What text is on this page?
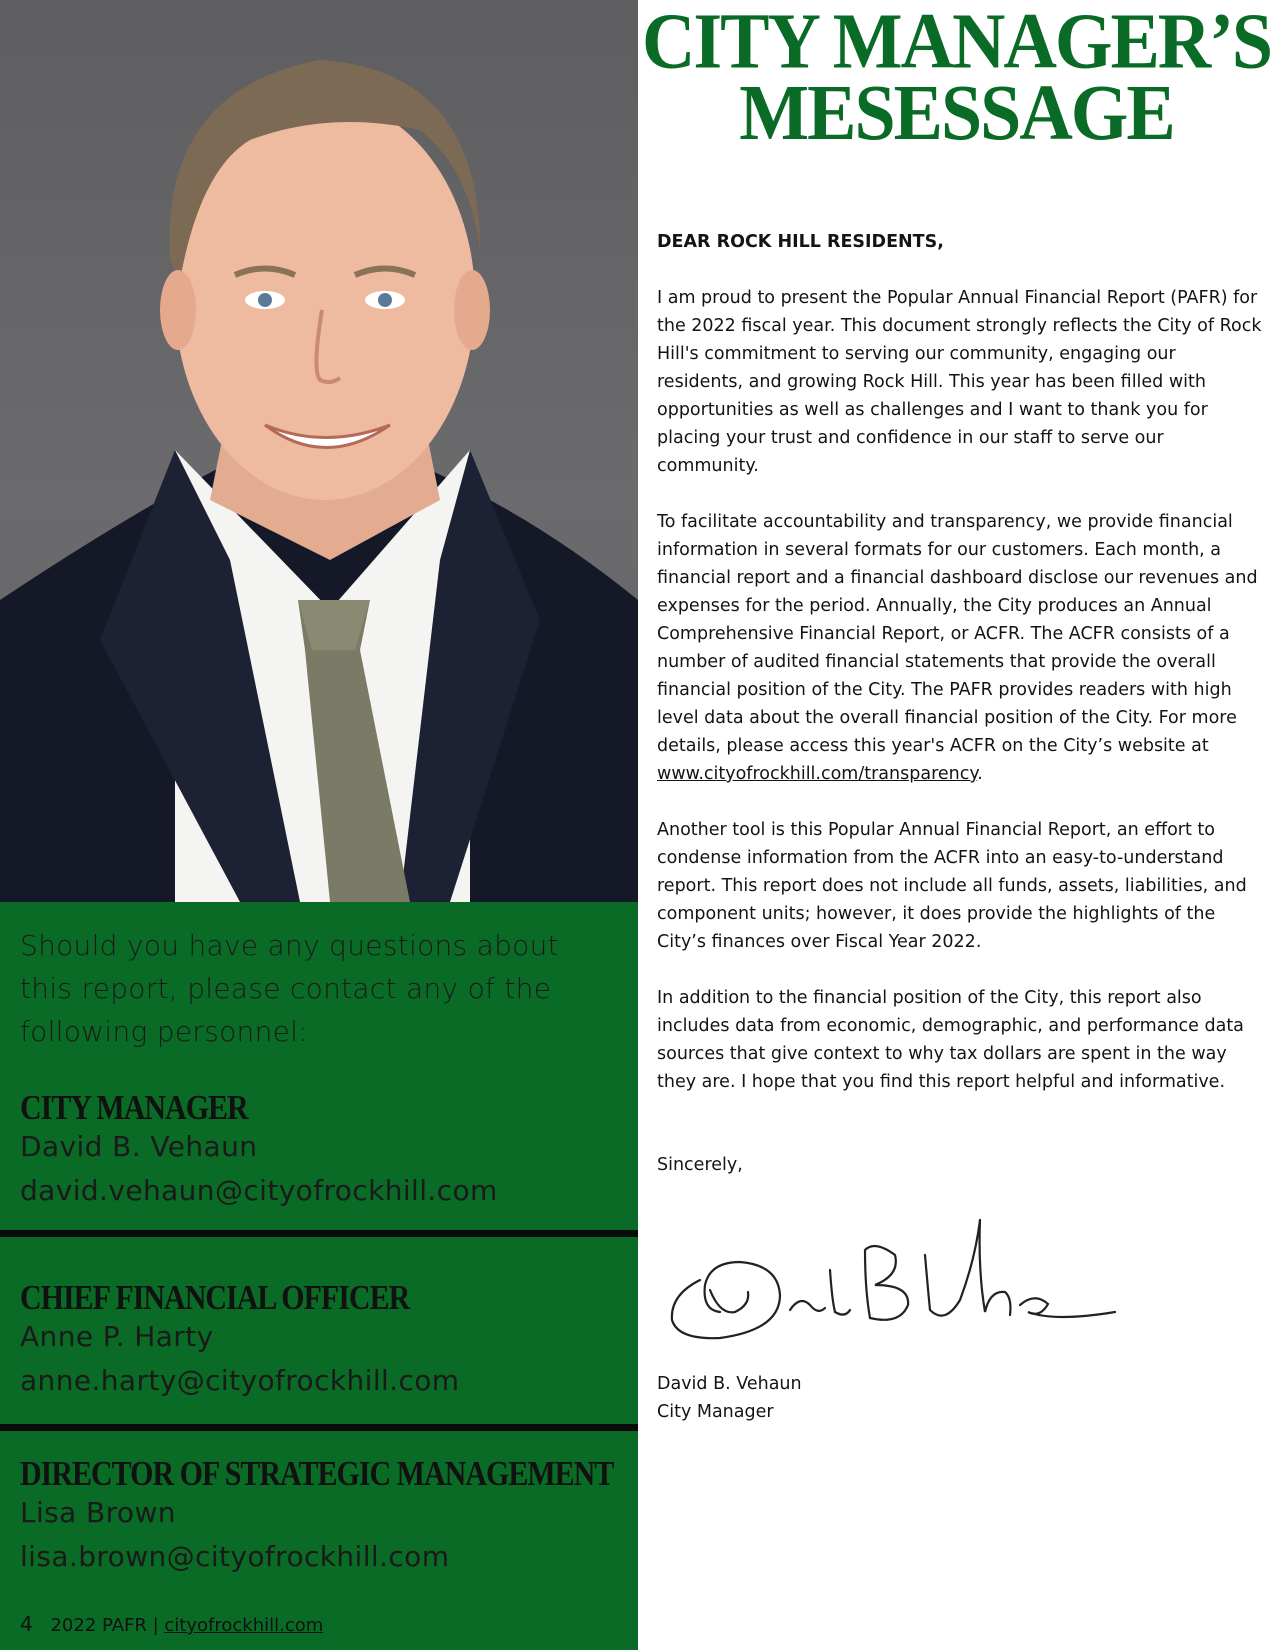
Should you have any questions about this report, please contact any of the following personnel:

CITY MANAGER

David B. Vehaun

david.vehaun@cityofrockhill.com

CHIEF FINANCIAL OFFICER

Anne P. Harty

anne.harty@cityofrockhill.com

DIRECTOR OF STRATEGIC MANAGEMENT

Lisa Brown

lisa.brown@cityofrockhill.com

4 2022 PAFR | cityofrockhill.com
CITY MANAGER’S
MESESSAGE

DEAR ROCK HILL RESIDENTS,

I am proud to present the Popular Annual Financial Report (PAFR) for the 2022 fiscal year. This document strongly reflects the City of Rock Hill's commitment to serving our community, engaging our residents, and growing Rock Hill. This year has been filled with opportunities as well as challenges and I want to thank you for placing your trust and confidence in our staff to serve our community.

To facilitate accountability and transparency, we provide financial information in several formats for our customers. Each month, a financial report and a financial dashboard disclose our revenues and expenses for the period. Annually, the City produces an Annual Comprehensive Financial Report, or ACFR. The ACFR consists of a number of audited financial statements that provide the overall financial position of the City. The PAFR provides readers with high level data about the overall financial position of the City. For more details, please access this year's ACFR on the City’s website at www.cityofrockhill.com/transparency.

Another tool is this Popular Annual Financial Report, an effort to condense information from the ACFR into an easy-to-understand report. This report does not include all funds, assets, liabilities, and component units; however, it does provide the highlights of the City’s finances over Fiscal Year 2022.

In addition to the financial position of the City, this report also includes data from economic, demographic, and performance data sources that give context to why tax dollars are spent in the way they are. I hope that you find this report helpful and informative.

Sincerely,
David B. Vehaun
City Manager
